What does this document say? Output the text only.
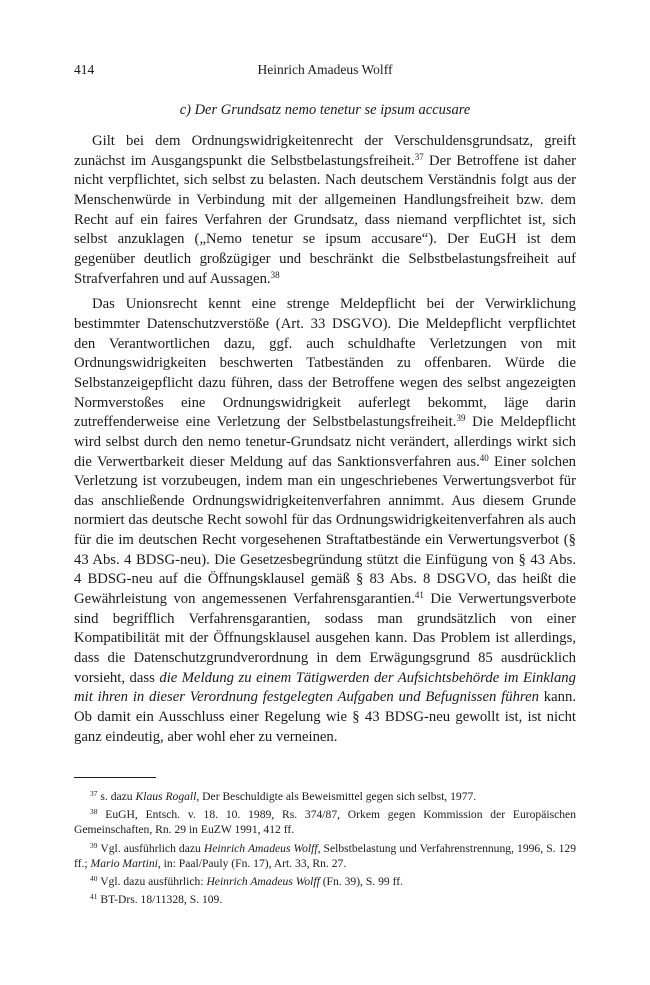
414	Heinrich Amadeus Wolff
c) Der Grundsatz nemo tenetur se ipsum accusare

Gilt bei dem Ordnungswidrigkeitenrecht der Verschuldensgrundsatz, greift zunächst im Ausgangspunkt die Selbstbelastungsfreiheit.$^{37}$ Der Betroffene ist daher nicht verpflichtet, sich selbst zu belasten. Nach deutschem Verständnis folgt aus der Menschenwürde in Verbindung mit der allgemeinen Handlungsfreiheit bzw. dem Recht auf ein faires Verfahren der Grundsatz, dass niemand verpflichtet ist, sich selbst anzuklagen („Nemo tenetur se ipsum accusare“). Der EuGH ist dem gegenüber deutlich großzügiger und beschränkt die Selbstbelastungsfreiheit auf Strafverfahren und auf Aussagen.$^{38}$

Das Unionsrecht kennt eine strenge Meldepflicht bei der Verwirklichung bestimmter Datenschutzverstöße (Art. 33 DSGVO). Die Meldepflicht verpflichtet den Verantwortlichen dazu, ggf. auch schuldhafte Verletzungen von mit Ordnungswidrigkeiten beschwerten Tatbeständen zu offenbaren. Würde die Selbstanzeigepflicht dazu führen, dass der Betroffene wegen des selbst angezeigten Normverstoßes eine Ordnungswidrigkeit auferlegt bekommt, läge darin zutreffenderweise eine Verletzung der Selbstbelastungsfreiheit.$^{39}$ Die Meldepflicht wird selbst durch den nemo tenetur-Grundsatz nicht verändert, allerdings wirkt sich die Verwertbarkeit dieser Meldung auf das Sanktionsverfahren aus.$^{40}$ Einer solchen Verletzung ist vorzubeugen, indem man ein ungeschriebenes Verwertungsverbot für das anschließende Ordnungswidrigkeitenverfahren annimmt. Aus diesem Grunde normiert das deutsche Recht sowohl für das Ordnungswidrigkeitenverfahren als auch für die im deutschen Recht vorgesehenen Straftatbestände ein Verwertungsverbot (§ 43 Abs. 4 BDSG-neu). Die Gesetzesbegründung stützt die Einfügung von § 43 Abs. 4 BDSG-neu auf die Öffnungsklausel gemäß § 83 Abs. 8 DSGVO, das heißt die Gewährleistung von angemessenen Verfahrensgarantien.$^{41}$ Die Verwertungsverbote sind begrifflich Verfahrensgarantien, sodass man grundsätzlich von einer Kompatibilität mit der Öffnungsklausel ausgehen kann. Das Problem ist allerdings, dass die Datenschutzgrundverordnung in dem Erwägungsgrund 85 ausdrücklich vorsieht, dass die Meldung zu einem Tätigwerden der Aufsichtsbehörde im Einklang mit ihren in dieser Verordnung festgelegten Aufgaben und Befugnissen führen kann. Ob damit ein Ausschluss einer Regelung wie § 43 BDSG-neu gewollt ist, ist nicht ganz eindeutig, aber wohl eher zu verneinen.

$^{37}$ s. dazu Klaus Rogall, Der Beschuldigte als Beweismittel gegen sich selbst, 1977.
$^{38}$ EuGH, Entsch. v. 18. 10. 1989, Rs. 374/87, Orkem gegen Kommission der Europäischen Gemeinschaften, Rn. 29 in EuZW 1991, 412 ff.
$^{39}$ Vgl. ausführlich dazu Heinrich Amadeus Wolff, Selbstbelastung und Verfahrenstrennung, 1996, S. 129 ff.; Mario Martini, in: Paal/Pauly (Fn. 17), Art. 33, Rn. 27.
$^{40}$ Vgl. dazu ausführlich: Heinrich Amadeus Wolff (Fn. 39), S. 99 ff.
$^{41}$ BT-Drs. 18/11328, S. 109.
